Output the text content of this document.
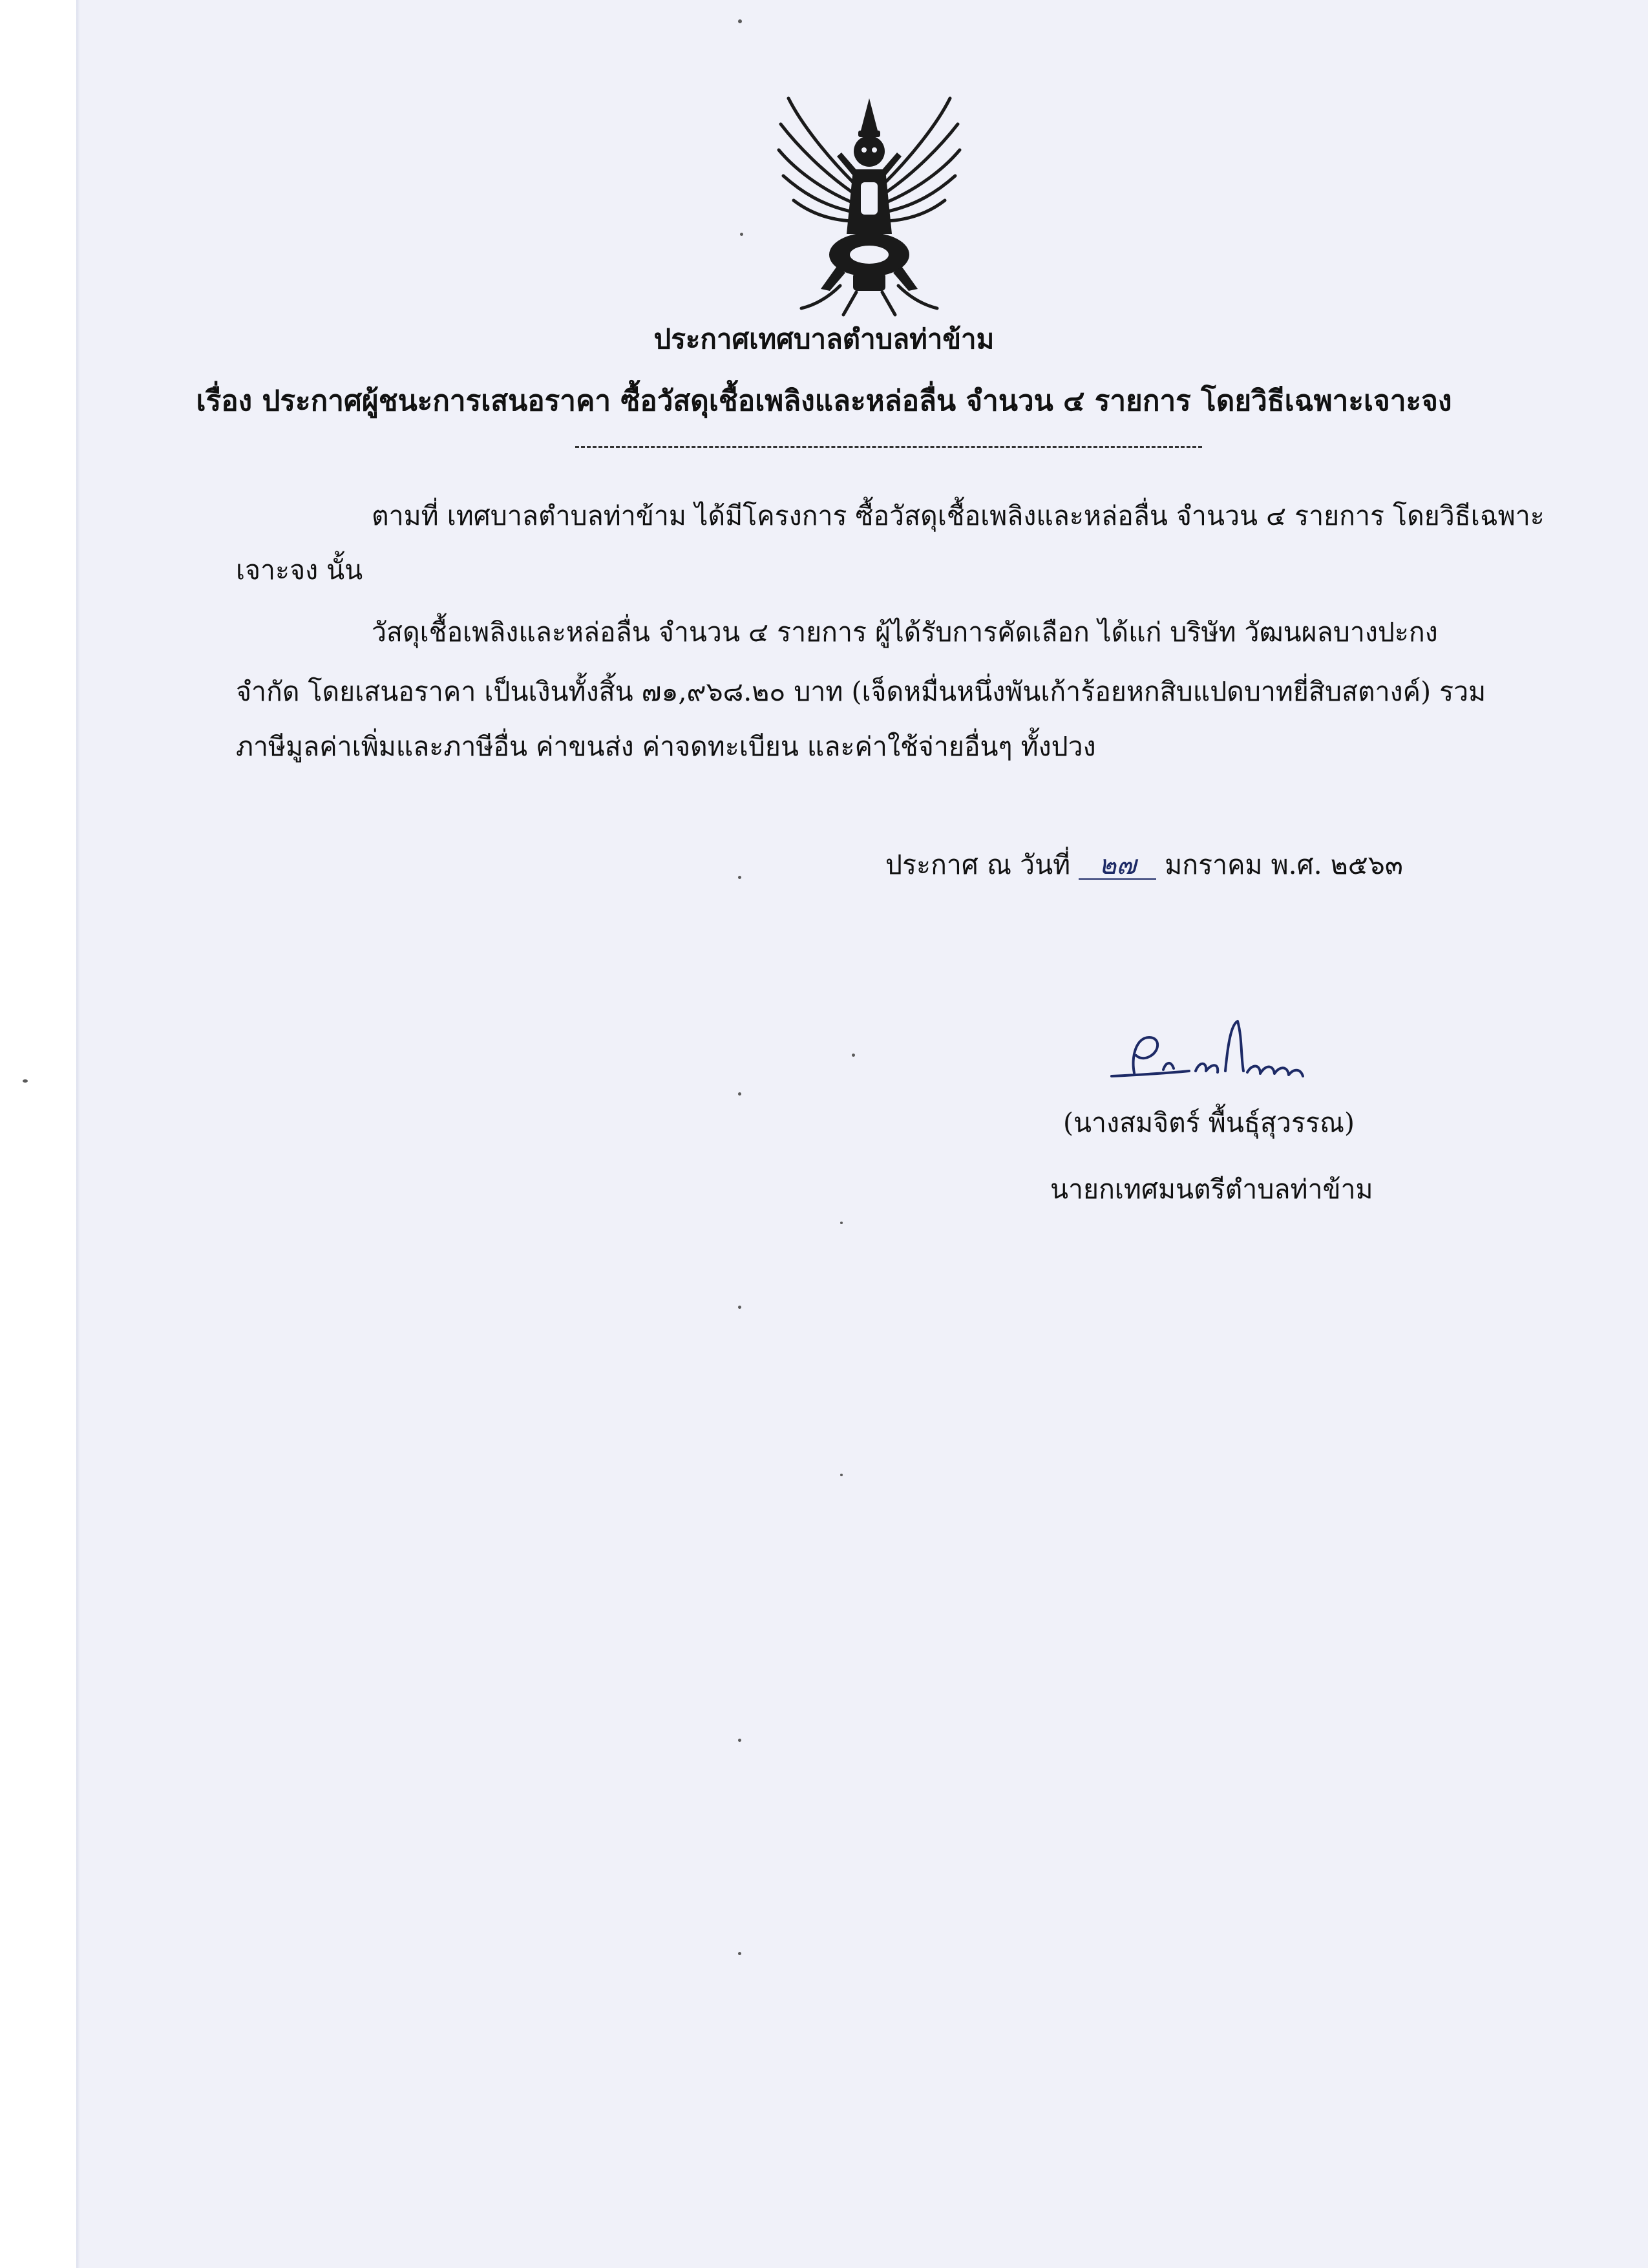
ประกาศเทศบาลตำบลท่าข้าม
เรื่อง ประกาศผู้ชนะการเสนอราคา ซื้อวัสดุเชื้อเพลิงและหล่อลื่น จำนวน ๔ รายการ โดยวิธีเฉพาะเจาะจง
ตามที่ เทศบาลตำบลท่าข้าม ได้มีโครงการ ซื้อวัสดุเชื้อเพลิงและหล่อลื่น จำนวน ๔ รายการ โดยวิธีเฉพาะ
เจาะจง นั้น
วัสดุเชื้อเพลิงและหล่อลื่น จำนวน ๔ รายการ ผู้ได้รับการคัดเลือก ได้แก่ บริษัท วัฒนผลบางปะกง
จำกัด โดยเสนอราคา เป็นเงินทั้งสิ้น ๗๑,๙๖๘.๒๐ บาท (เจ็ดหมื่นหนึ่งพันเก้าร้อยหกสิบแปดบาทยี่สิบสตางค์) รวม
ภาษีมูลค่าเพิ่มและภาษีอื่น ค่าขนส่ง ค่าจดทะเบียน และค่าใช้จ่ายอื่นๆ ทั้งปวง
ประกาศ ณ วันที่ ๒๗ มกราคม พ.ศ. ๒๕๖๓
(นางสมจิตร์ พื้นธุ์สุวรรณ)
นายกเทศมนตรีตำบลท่าข้าม
